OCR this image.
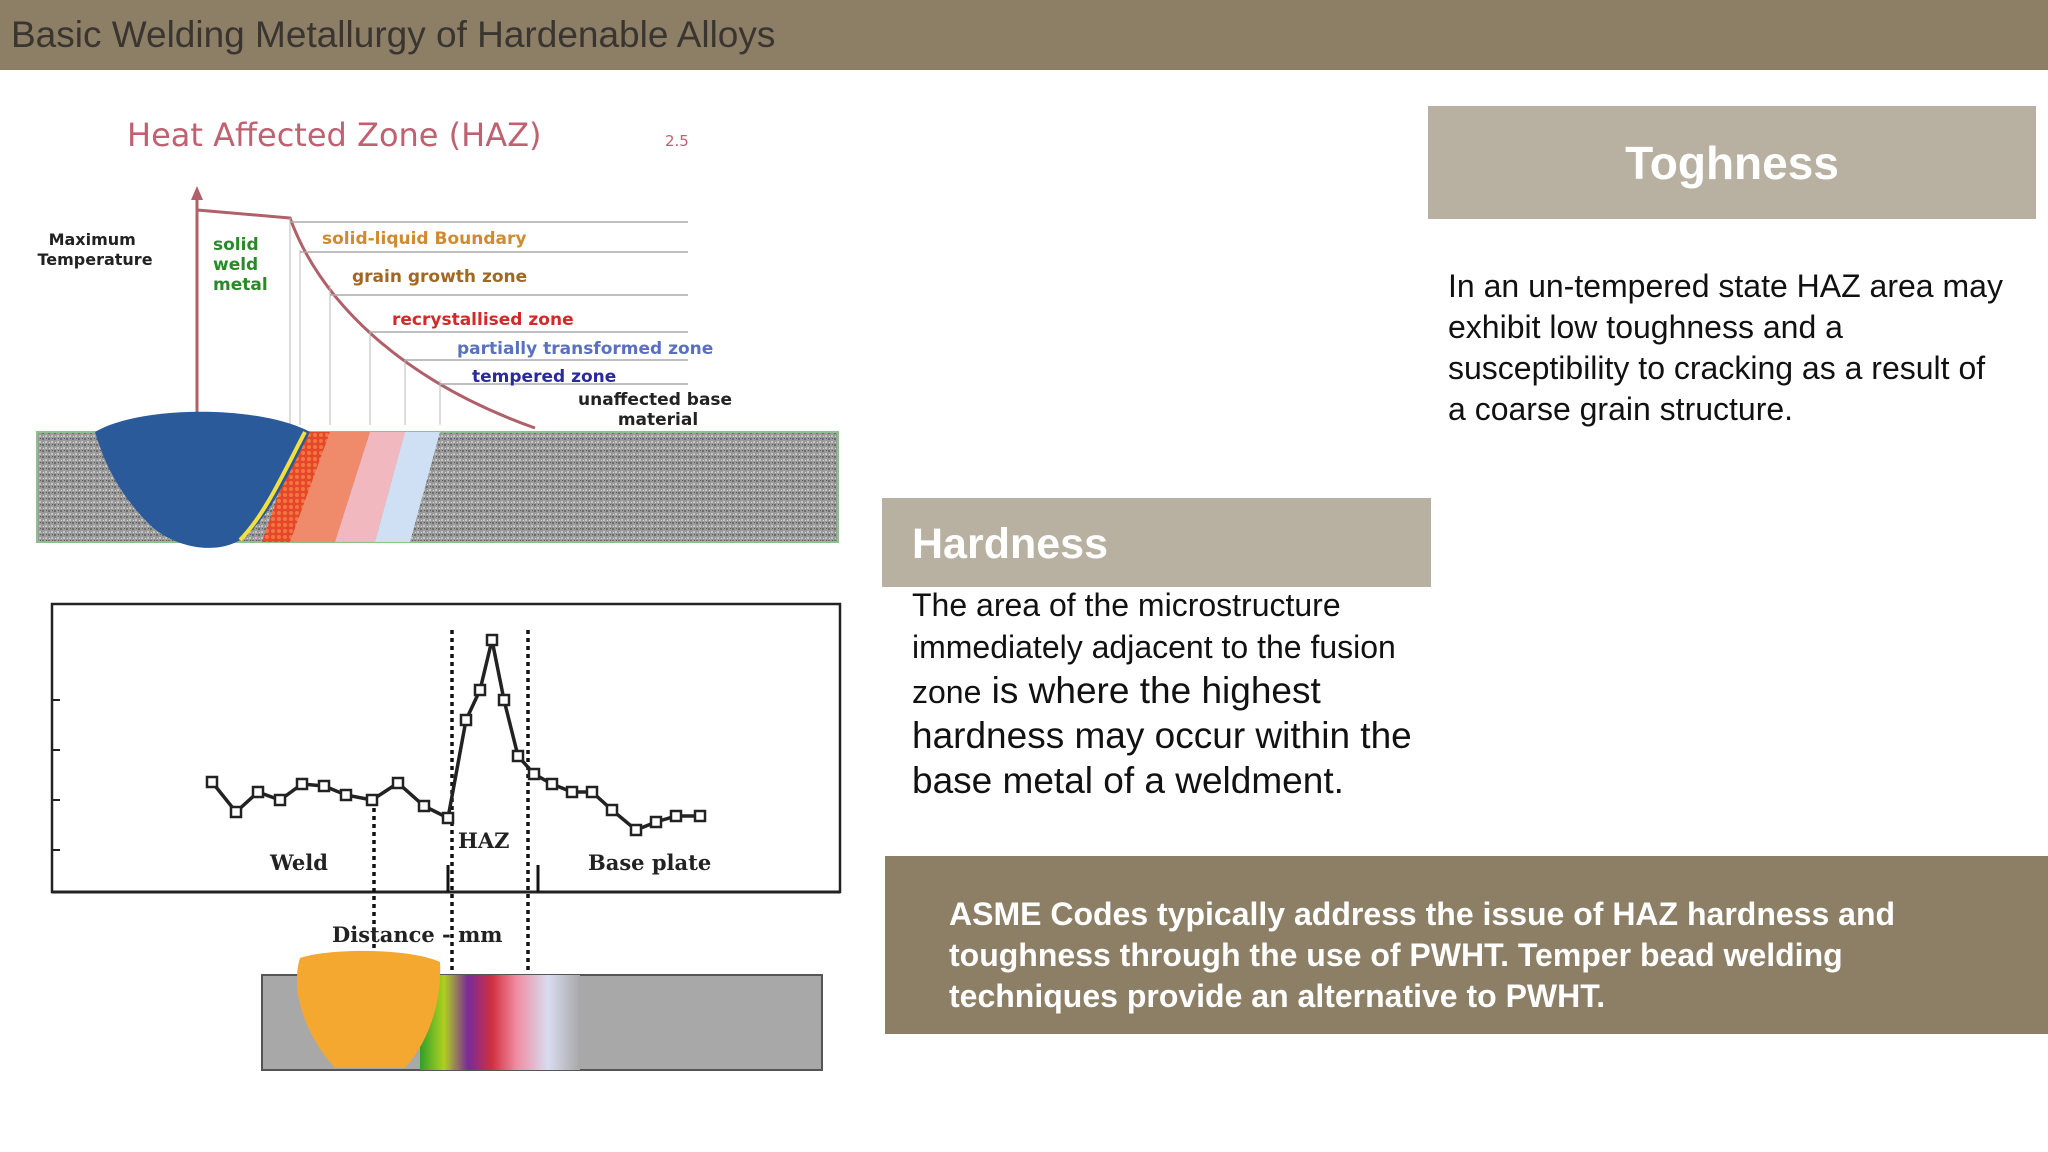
Basic Welding Metallurgy of Hardenable Alloys
Heat Affected Zone (HAZ)	2.5
Maximum Temperature
solid weld metal
solid-liquid Boundary
grain growth zone
recrystallised zone
partially transformed zone
tempered zone
unaffected base material
Weld
HAZ
Base plate
Distance - mm
Toghness
In an un-tempered state HAZ area may exhibit low toughness and a susceptibility to cracking as a result of a coarse grain structure.
Hardness
The area of the microstructure immediately adjacent to the fusion zone is where the highest hardness may occur within the base metal of a weldment.

ASME Codes typically address the issue of HAZ hardness and toughness through the use of PWHT. Temper bead welding techniques provide an alternative to PWHT.
